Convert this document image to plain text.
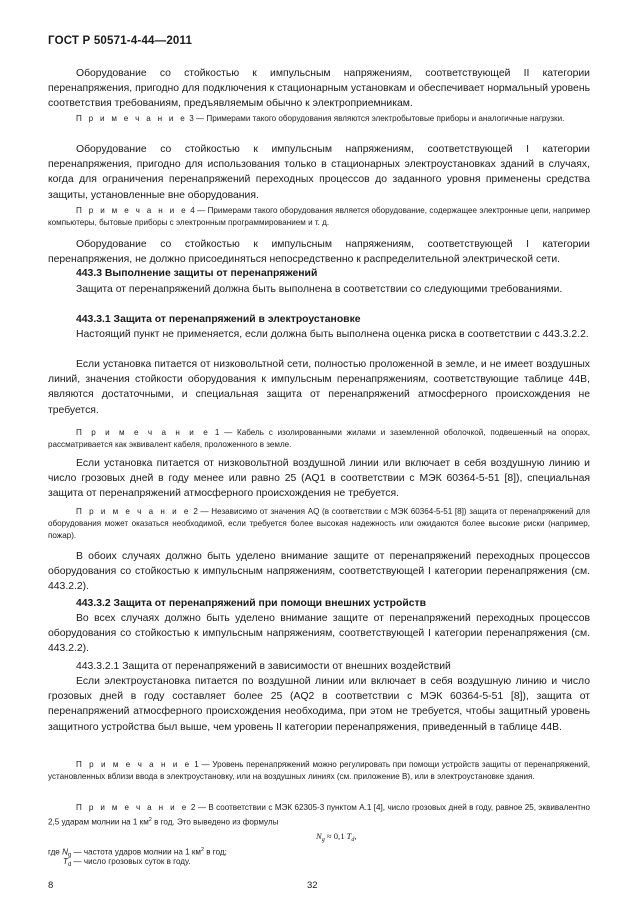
ГОСТ Р 50571-4-44—2011
Оборудование со стойкостью к импульсным напряжениям, соответствующей II категории перенапряжения, пригодно для подключения к стационарным установкам и обеспечивает нормальный уровень соответствия требованиям, предъявляемым обычно к электроприемникам.
П р и м е ч а н и е 3 — Примерами такого оборудования являются электробытовые приборы и аналогичные нагрузки.
Оборудование со стойкостью к импульсным напряжениям, соответствующей I категории перенапряжения, пригодно для использования только в стационарных электроустановках зданий в случаях, когда для ограничения перенапряжений переходных процессов до заданного уровня применены средства защиты, установленные вне оборудования.
П р и м е ч а н и е 4 — Примерами такого оборудования является оборудование, содержащее электронные цепи, например компьютеры, бытовые приборы с электронным программированием и т. д.
Оборудование со стойкостью к импульсным напряжениям, соответствующей I категории перенапряжения, не должно присоединяться непосредственно к распределительной электрической сети.
443.3 Выполнение защиты от перенапряжений
Защита от перенапряжений должна быть выполнена в соответствии со следующими требованиями.
443.3.1 Защита от перенапряжений в электроустановке
Настоящий пункт не применяется, если должна быть выполнена оценка риска в соответствии с 443.3.2.2.
Если установка питается от низковольтной сети, полностью проложенной в земле, и не имеет воздушных линий, значения стойкости оборудования к импульсным перенапряжениям, соответствующие таблице 44B, являются достаточными, и специальная защита от перенапряжений атмосферного происхождения не требуется.
П р и м е ч а н и е 1 — Кабель с изолированными жилами и заземленной оболочкой, подвешенный на опорах, рассматривается как эквивалент кабеля, проложенного в земле.
Если установка питается от низковольтной воздушной линии или включает в себя воздушную линию и число грозовых дней в году менее или равно 25 (AQ1 в соответствии с МЭК 60364-5-51 [8]), специальная защита от перенапряжений атмосферного происхождения не требуется.
П р и м е ч а н и е 2 — Независимо от значения AQ (в соответствии с МЭК 60364-5-51 [8]) защита от перенапряжений для оборудования может оказаться необходимой, если требуется более высокая надежность или ожидаются более высокие риски (например, пожар).
В обоих случаях должно быть уделено внимание защите от перенапряжений переходных процессов оборудования со стойкостью к импульсным напряжениям, соответствующей I категории перенапряжения (см. 443.2.2).
443.3.2 Защита от перенапряжений при помощи внешних устройств
Во всех случаях должно быть уделено внимание защите от перенапряжений переходных процессов оборудования со стойкостью к импульсным напряжениям, соответствующей I категории перенапряжения (см. 443.2.2).
443.3.2.1 Защита от перенапряжений в зависимости от внешних воздействий
Если электроустановка питается по воздушной линии или включает в себя воздушную линию и число грозовых дней в году составляет более 25 (AQ2 в соответствии с МЭК 60364-5-51 [8]), защита от перенапряжений атмосферного происхождения необходима, при этом не требуется, чтобы защитный уровень защитного устройства был выше, чем уровень II категории перенапряжения, приведенный в таблице 44B.
П р и м е ч а н и е 1 — Уровень перенапряжений можно регулировать при помощи устройств защиты от перенапряжений, установленных вблизи ввода в электроустановку, или на воздушных линиях (см. приложение B), или в электроустановке здания.
П р и м е ч а н и е 2 — В соответствии с МЭК 62305-3 пунктом А.1 [4], число грозовых дней в году, равное 25, эквивалентно 2,5 ударам молнии на 1 $км^2$ в год. Это выведено из формулы
$N_g \approx 0,1$ $T_d$,
где $N_g$ — частота ударов молнии на 1 $км^2$ в год;
$T_d$ — число грозовых суток в году.
8	32
